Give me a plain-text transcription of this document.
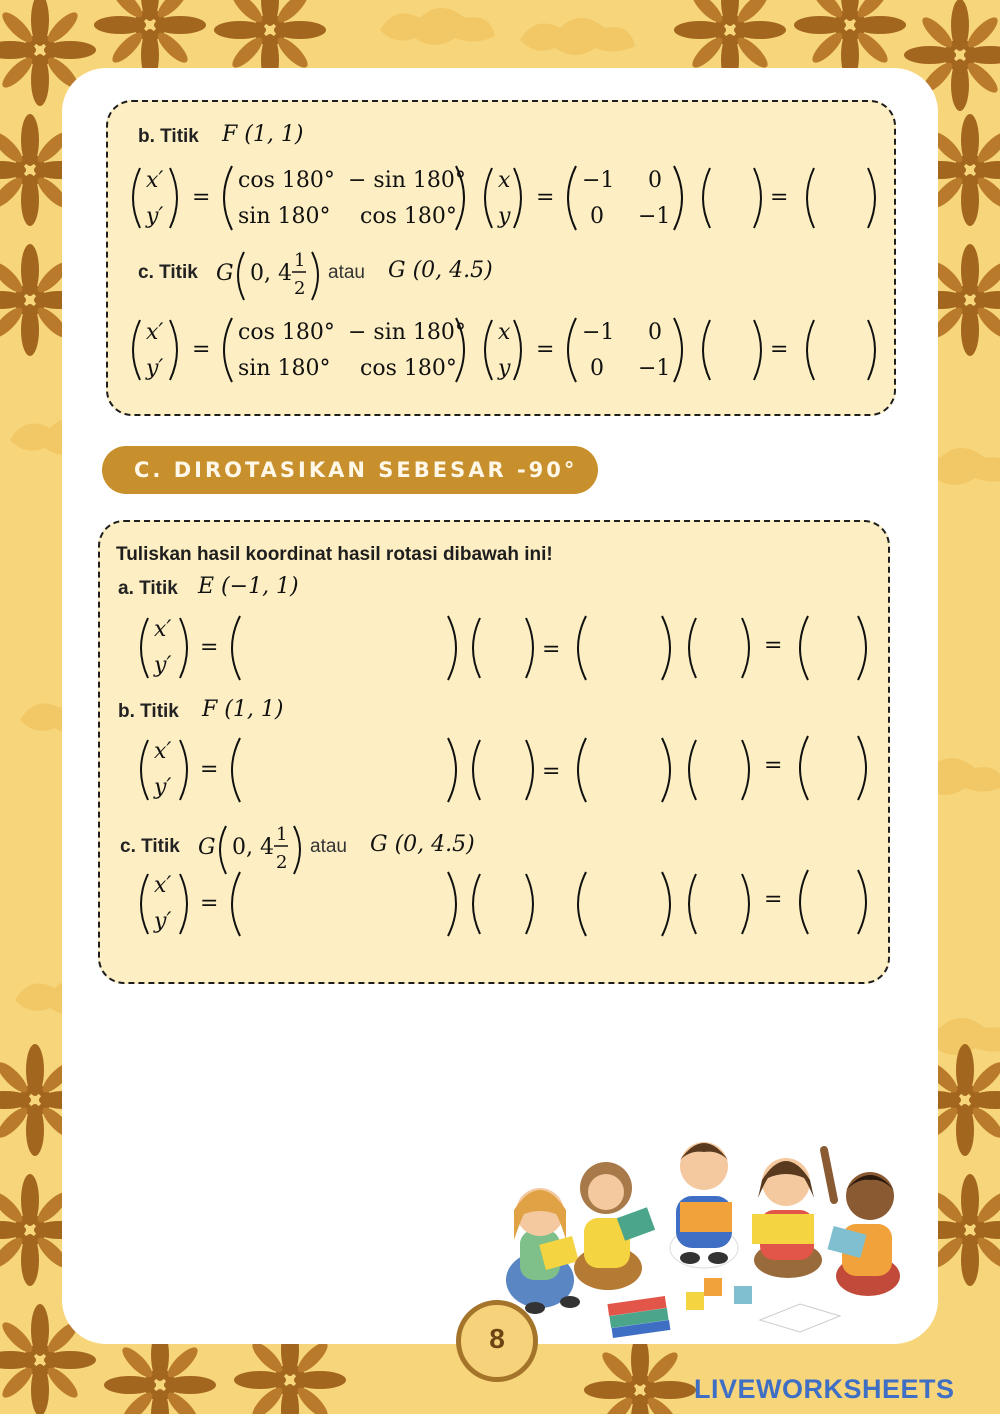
b. Titik F (1, 1)
x′
y′
=
cos 180° − sin 180°
sin 180° cos 180°
x
y
=
−1 0
0 −1
=
c. Titik G 0, 4
1
2
atau G (0, 4.5)
x′
y′
=
cos 180° − sin 180°
sin 180° cos 180°
x
y
=
−1 0
0 −1
=
C. DIROTASIKAN SEBESAR -90°
Tuliskan hasil koordinat hasil rotasi dibawah ini!
a. Titik E (−1, 1)
x′
y′
=	=	=
b. Titik F (1, 1)
x′
y′
=	=	=
c. Titik G 0, 4
1
2
atau G (0, 4.5)
x′
y′
=	=
8
LIVEWORKSHEETS
